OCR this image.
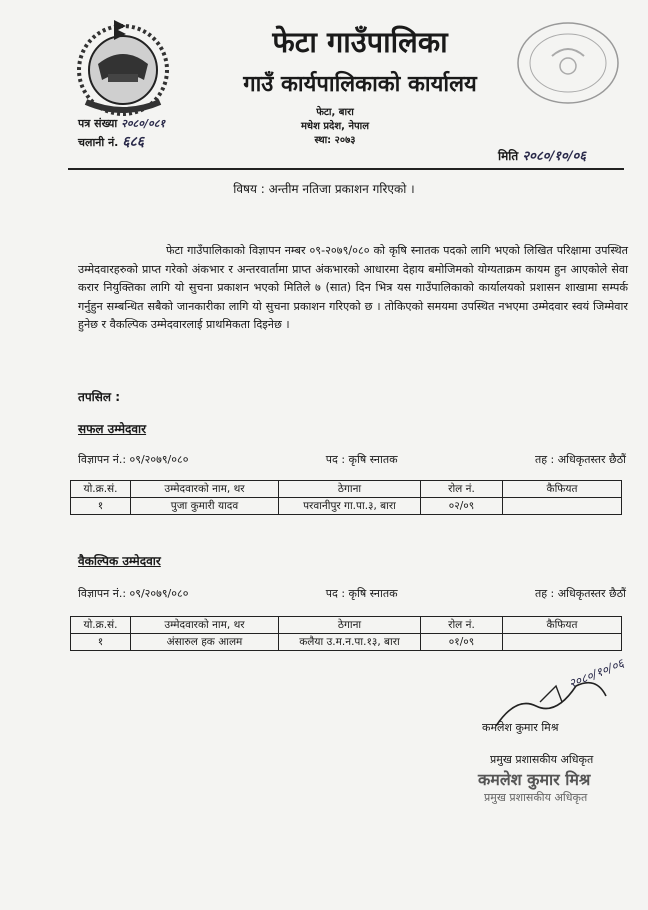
फेटा गाउँपालिका
गाउँ कार्यपालिकाको कार्यालय
फेटा, बारा
मधेश प्रदेश, नेपाल
स्था: २०७३
पत्र संख्या २०८०/०८१
चलानी नं. ६८६
मिति २०८०/१०/०६
विषय : अन्तीम नतिजा प्रकाशन गरिएको ।
फेटा गाउँपालिकाको विज्ञापन नम्बर ०९-२०७९/०८० को कृषि स्नातक पदको लागि भएको लिखित परिक्षामा उपस्थित उम्मेदवारहरुको प्राप्त गरेको अंकभार र अन्तरवार्तामा प्राप्त अंकभारको आधारमा देहाय बमोजिमको योग्यताक्रम कायम हुन आएकोले सेवा करार नियुक्तिका लागि यो सुचना प्रकाशन भएको मितिले ७ (सात) दिन भित्र यस गाउँपालिकाको कार्यालयको प्रशासन शाखामा सम्पर्क गर्नुहुन सम्बन्धित सबैको जानकारीका लागि यो सुचना प्रकाशन गरिएको छ । तोकिएको समयमा उपस्थित नभएमा उम्मेदवार स्वयं जिम्मेवार हुनेछ र वैकल्पिक उम्मेदवारलाई प्राथमिकता दिइनेछ ।
तपसिल :
सफल उम्मेदवार
विज्ञापन नं.: ०९/२०७९/०८०	पद : कृषि स्नातक	तह : अधिकृतस्तर छैठौं
यो.क्र.सं.	उम्मेदवारको नाम, थर	ठेगाना	रोल नं.	कैफियत
१	पुजा कुमारी यादव	परवानीपुर गा.पा.३, बारा	०२/०९	
वैकल्पिक उम्मेदवार
विज्ञापन नं.: ०९/२०७९/०८०	पद : कृषि स्नातक	तह : अधिकृतस्तर छैठौं
यो.क्र.सं.	उम्मेदवारको नाम, थर	ठेगाना	रोल नं.	कैफियत
१	अंसारुल हक आलम	कलैया उ.म.न.पा.१३, बारा	०१/०९	
२०८०/१०/०६
कमलेश कुमार मिश्र
प्रमुख प्रशासकीय अधिकृत
कमलेश कुमार मिश्र
प्रमुख प्रशासकीय अधिकृत
